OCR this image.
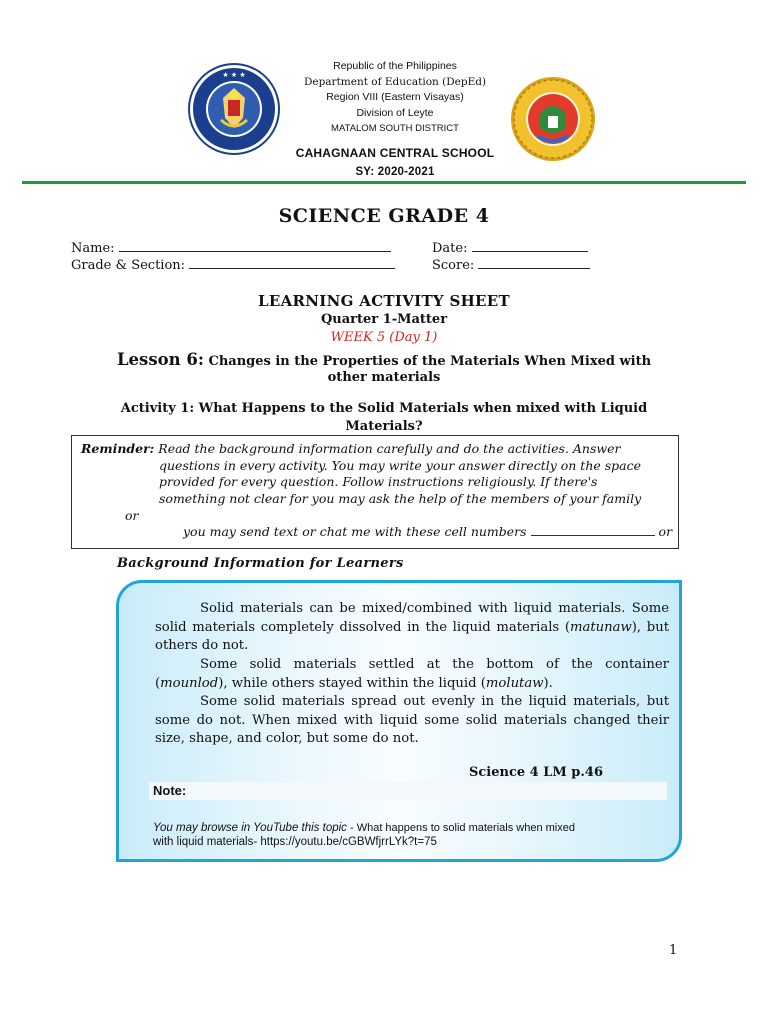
★ ★ ★
Republic of the Philippines
Department of Education (DepEd)
Region VIII (Eastern Visayas)
Division of Leyte
MATALOM SOUTH DISTRICT
CAHAGNAAN CENTRAL SCHOOL
SY: 2020-2021
SCIENCE GRADE 4
Name:	Date:
Grade & Section:	Score:
LEARNING ACTIVITY SHEET
Quarter 1-Matter
WEEK 5 (Day 1)
Lesson 6: Changes in the Properties of the Materials When Mixed with
other materials
Activity 1: What Happens to the Solid Materials when mixed with Liquid
Materials?
Reminder: Read the background information carefully and do the activities. Answer
questions in every activity. You may write your answer directly on the space
provided for every question. Follow instructions religiously. If there's
something not clear for you may ask the help of the members of your family
or
you may send text or chat me with these cell numbers	or
Background Information for Learners
Solid materials can be mixed/combined with liquid materials. Some solid materials completely dissolved in the liquid materials (matunaw), but others do not.
Some solid materials settled at the bottom of the container (mounlod), while others stayed within the liquid (molutaw).
Some solid materials spread out evenly in the liquid materials, but some do not. When mixed with liquid some solid materials changed their size, shape, and color, but some do not.
Science 4 LM p.46
Note:
You may browse in YouTube this topic - What happens to solid materials when mixed
with liquid materials- https://youtu.be/cGBWfjrrLYk?t=75
1
